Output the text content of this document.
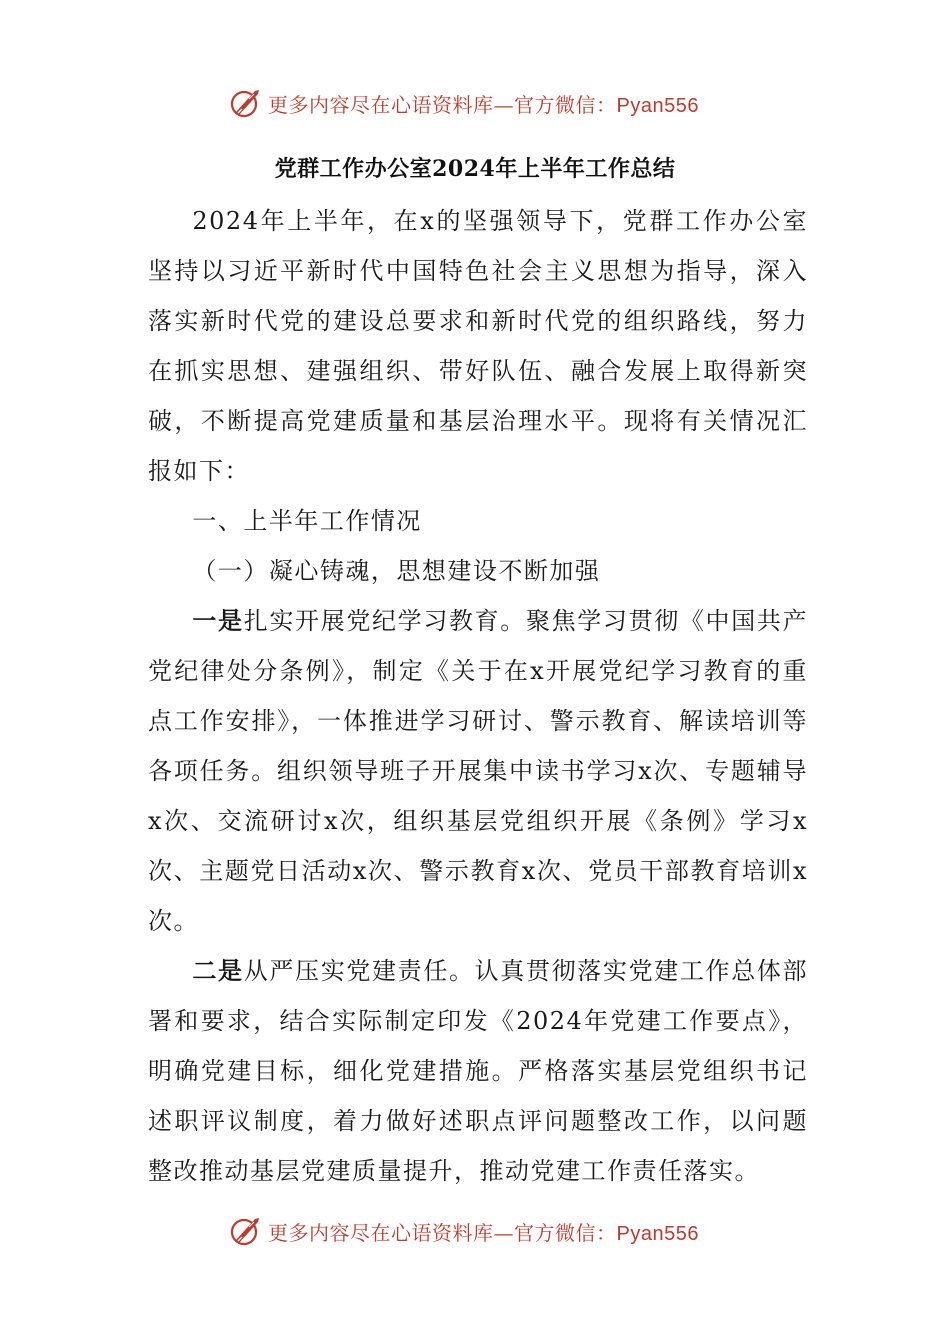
更多内容尽在心语资料库—官方微信：Pyan556
党群工作办公室2024年上半年工作总结

2024年上半年，在x的坚强领导下，党群工作办公室坚持以习近平新时代中国特色社会主义思想为指导，深入落实新时代党的建设总要求和新时代党的组织路线，努力在抓实思想、建强组织、带好队伍、融合发展上取得新突破，不断提高党建质量和基层治理水平。现将有关情况汇报如下：

一、上半年工作情况

（一）凝心铸魂，思想建设不断加强

一是扎实开展党纪学习教育。聚焦学习贯彻《中国共产党纪律处分条例》，制定《关于在x开展党纪学习教育的重点工作安排》，一体推进学习研讨、警示教育、解读培训等各项任务。组织领导班子开展集中读书学习x次、专题辅导x次、交流研讨x次，组织基层党组织开展《条例》学习x次、主题党日活动x次、警示教育x次、党员干部教育培训x次。

二是从严压实党建责任。认真贯彻落实党建工作总体部署和要求，结合实际制定印发《2024年党建工作要点》，明确党建目标，细化党建措施。严格落实基层党组织书记述职评议制度，着力做好述职点评问题整改工作，以问题整改推动基层党建质量提升，推动党建工作责任落实。

更多内容尽在心语资料库—官方微信：Pyan556
